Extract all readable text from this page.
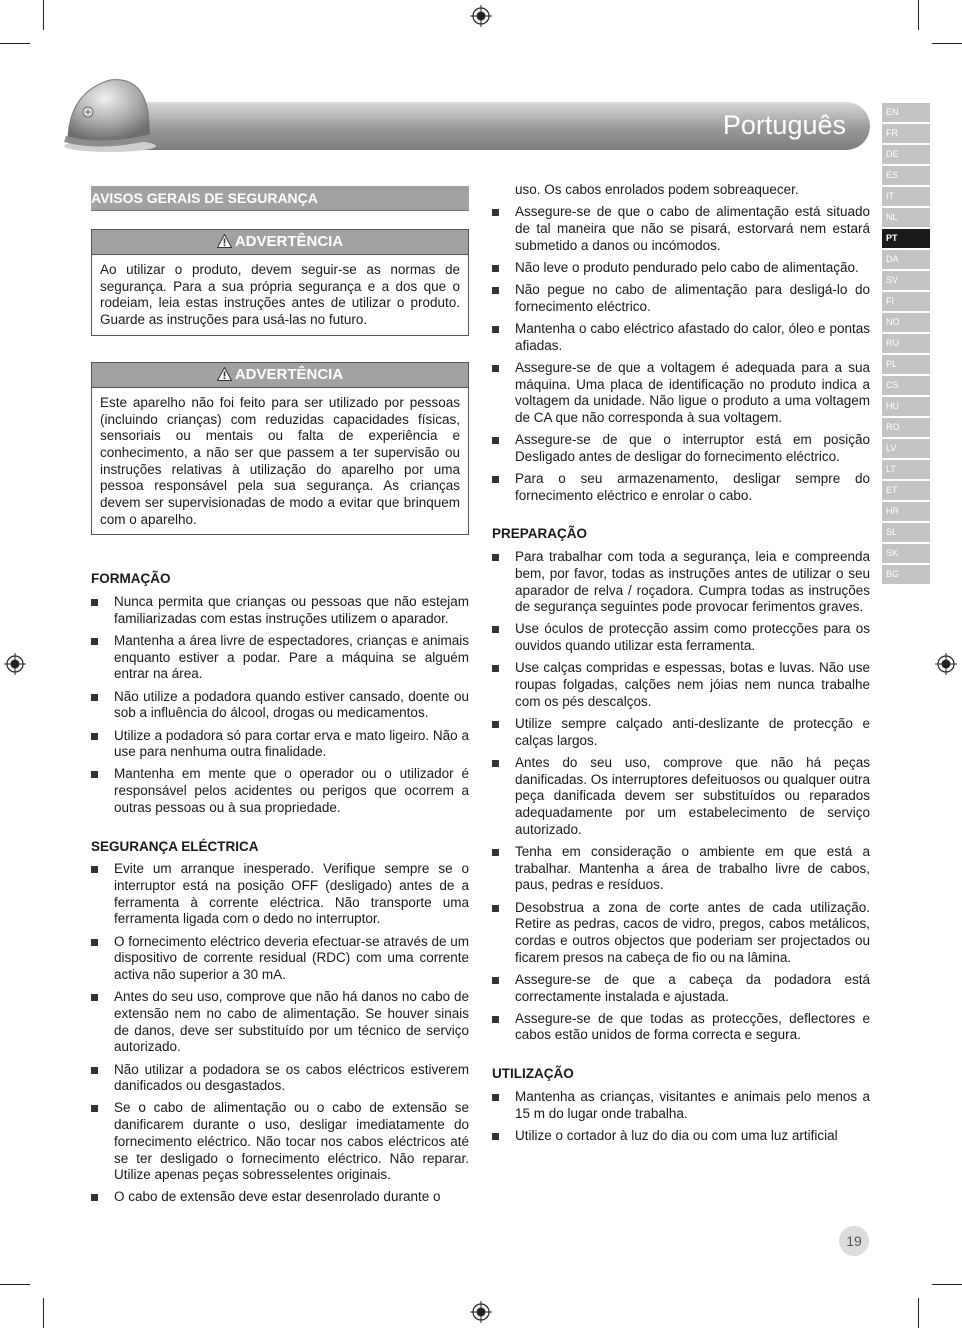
Português	EN
FR
DE
ES
IT
NL
PT
DA
SV
FI
NO
RU
PL
CS
HU
RO
LV
LT
ET
HR
SL
SK
BG
AVISOS GERAIS DE SEGURANÇA
ADVERTÊNCIA
Ao utilizar o produto, devem seguir-se as normas de segurança. Para a sua própria segurança e a dos que o rodeiam, leia estas instruções antes de utilizar o produto. Guarde as instruções para usá-las no futuro.
ADVERTÊNCIA
Este aparelho não foi feito para ser utilizado por pessoas (incluindo crianças) com reduzidas capacidades físicas, sensoriais ou mentais ou falta de experiência e conhecimento, a não ser que passem a ter supervisão ou instruções relativas à utilização do aparelho por uma pessoa responsável pela sua segurança. As crianças devem ser supervisionadas de modo a evitar que brinquem com o aparelho.
FORMAÇÃO
Nunca permita que crianças ou pessoas que não estejam familiarizadas com estas instruções utilizem o aparador.
Mantenha a área livre de espectadores, crianças e animais enquanto estiver a podar. Pare a máquina se alguém entrar na área.
Não utilize a podadora quando estiver cansado, doente ou sob a influência do álcool, drogas ou medicamentos.
Utilize a podadora só para cortar erva e mato ligeiro. Não a use para nenhuma outra finalidade.
Mantenha em mente que o operador ou o utilizador é responsável pelos acidentes ou perigos que ocorrem a outras pessoas ou à sua propriedade.
SEGURANÇA ELÉCTRICA
Evite um arranque inesperado. Verifique sempre se o interruptor está na posição OFF (desligado) antes de a ferramenta à corrente eléctrica. Não transporte uma ferramenta ligada com o dedo no interruptor.
O fornecimento eléctrico deveria efectuar-se através de um dispositivo de corrente residual (RDC) com uma corrente activa não superior a 30 mA.
Antes do seu uso, comprove que não há danos no cabo de extensão nem no cabo de alimentação. Se houver sinais de danos, deve ser substituído por um técnico de serviço autorizado.
Não utilizar a podadora se os cabos eléctricos estiverem danificados ou desgastados.
Se o cabo de alimentação ou o cabo de extensão se danificarem durante o uso, desligar imediatamente do fornecimento eléctrico. Não tocar nos cabos eléctricos até se ter desligado o fornecimento eléctrico. Não reparar. Utilize apenas peças sobresselentes originais.
O cabo de extensão deve estar desenrolado durante o
uso. Os cabos enrolados podem sobreaquecer.
Assegure-se de que o cabo de alimentação está situado de tal maneira que não se pisará, estorvará nem estará submetido a danos ou incómodos.
Não leve o produto pendurado pelo cabo de alimentação.
Não pegue no cabo de alimentação para desligá-lo do fornecimento eléctrico.
Mantenha o cabo eléctrico afastado do calor, óleo e pontas afiadas.
Assegure-se de que a voltagem é adequada para a sua máquina. Uma placa de identificação no produto indica a voltagem da unidade. Não ligue o produto a uma voltagem de CA que não corresponda à sua voltagem.
Assegure-se de que o interruptor está em posição Desligado antes de desligar do fornecimento eléctrico.
Para o seu armazenamento, desligar sempre do fornecimento eléctrico e enrolar o cabo.
PREPARAÇÃO
Para trabalhar com toda a segurança, leia e compreenda bem, por favor, todas as instruções antes de utilizar o seu aparador de relva / roçadora. Cumpra todas as instruções de segurança seguintes pode provocar ferimentos graves.
Use óculos de protecção assim como protecções para os ouvidos quando utilizar esta ferramenta.
Use calças compridas e espessas, botas e luvas. Não use roupas folgadas, calções nem jóias nem nunca trabalhe com os pés descalços.
Utilize sempre calçado anti-deslizante de protecção e calças largos.
Antes do seu uso, comprove que não há peças danificadas. Os interruptores defeituosos ou qualquer outra peça danificada devem ser substituídos ou reparados adequadamente por um estabelecimento de serviço autorizado.
Tenha em consideração o ambiente em que está a trabalhar. Mantenha a área de trabalho livre de cabos, paus, pedras e resíduos.
Desobstrua a zona de corte antes de cada utilização. Retire as pedras, cacos de vidro, pregos, cabos metálicos, cordas e outros objectos que poderiam ser projectados ou ficarem presos na cabeça de fio ou na lâmina.
Assegure-se de que a cabeça da podadora está correctamente instalada e ajustada.
Assegure-se de que todas as protecções, deflectores e cabos estão unidos de forma correcta e segura.
UTILIZAÇÃO
Mantenha as crianças, visitantes e animais pelo menos a 15 m do lugar onde trabalha.
Utilize o cortador à luz do dia ou com uma luz artificial
19
